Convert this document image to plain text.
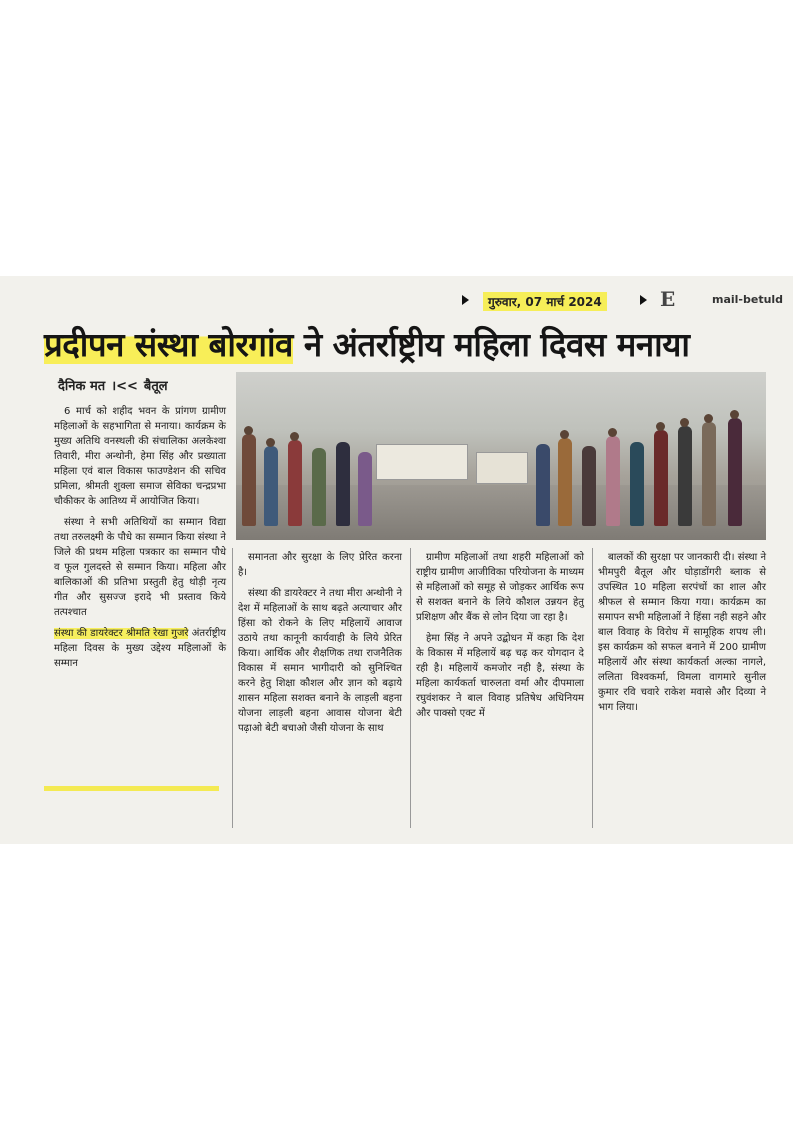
गुरुवार, 07 मार्च 2024	E	mail-betuld
प्रदीपन संस्था बोरगांव ने अंतर्राष्ट्रीय महिला दिवस मनाया
दैनिक मत ।<< बैतूल

6 मार्च को शहीद भवन के प्रांगण ग्रामीण महिलाओं के सहभागिता से मनाया। कार्यक्रम के मुख्य अतिथि वनस्थली की संचालिका अलकेश्वा तिवारी, मीरा अन्थोनी, हेमा सिंह और प्रख्याता महिला एवं बाल विकास फाउण्डेशन की सचिव प्रमिला, श्रीमती शुक्ला समाज सेविका चन्द्रप्रभा चौकीकर के आतिथ्य में आयोजित किया।

संस्था ने सभी अतिथियों का सम्मान विद्या तथा तरुलक्ष्मी के पौधे का सम्मान किया संस्था ने जिले की प्रथम महिला पत्रकार का सम्मान पौधे व फूल गुलदस्ते से सम्मान किया। महिला और बालिकाओं की प्रतिभा प्रस्तुती हेतु थोड़ी नृत्य गीत और सुसज्ज इरादे भी प्रस्ताव किये तत्पश्चात

संस्था की डायरेक्टर श्रीमति रेखा गुजरे अंतर्राष्ट्रीय महिला दिवस के मुख्य उद्देश्य महिलाओं के सम्मान

समानता और सुरक्षा के लिए प्रेरित करना है।

संस्था की डायरेक्टर ने तथा मीरा अन्थोनी ने देश में महिलाओं के साथ बढ़ते अत्याचार और हिंसा को रोकने के लिए महिलायें आवाज उठाये तथा कानूनी कार्यवाही के लिये प्रेरित किया। आर्थिक और शैक्षणिक तथा राजनैतिक विकास में समान भागीदारी को सुनिश्चित करने हेतु शिक्षा कौशल और ज्ञान को बढ़ाये शासन महिला सशक्त बनाने के लाड़ली बहना योजना लाड़ली बहना आवास योजना बेटी पढ़ाओ बेटी बचाओ जैसी योजना के साथ

ग्रामीण महिलाओं तथा शहरी महिलाओं को राष्ट्रीय ग्रामीण आजीविका परियोजना के माध्यम से महिलाओं को समूह से जोड़कर आर्थिक रूप से सशक्त बनाने के लिये कौशल उन्नयन हेतु प्रशिक्षण और बैंक से लोन दिया जा रहा है।

हेमा सिंह ने अपने उद्बोधन में कहा कि देश के विकास में महिलायें बढ़ चढ़ कर योगदान दे रही है। महिलायें कमजोर नही है, संस्था के महिला कार्यकर्ता चारुलता वर्मा और दीपमाला रघुवंशकर ने बाल विवाह प्रतिषेध अधिनियम और पाक्सो एक्ट में

बालकों की सुरक्षा पर जानकारी दी। संस्था ने भीमपुरी बैतूल और घोड़ाडोंगरी ब्लाक से उपस्थित 10 महिला सरपंचों का शाल और श्रीफल से सम्मान किया गया। कार्यक्रम का समापन सभी महिलाओं ने हिंसा नही सहने और बाल विवाह के विरोध में सामूहिक शपथ ली। इस कार्यक्रम को सफल बनाने में 200 ग्रामीण महिलायें और संस्था कार्यकर्ता अल्का नागले, ललिता विश्वकर्मा, विमला वागमारे सुनील कुमार रवि चवारे राकेश मवासे और दिव्या ने भाग लिया।
